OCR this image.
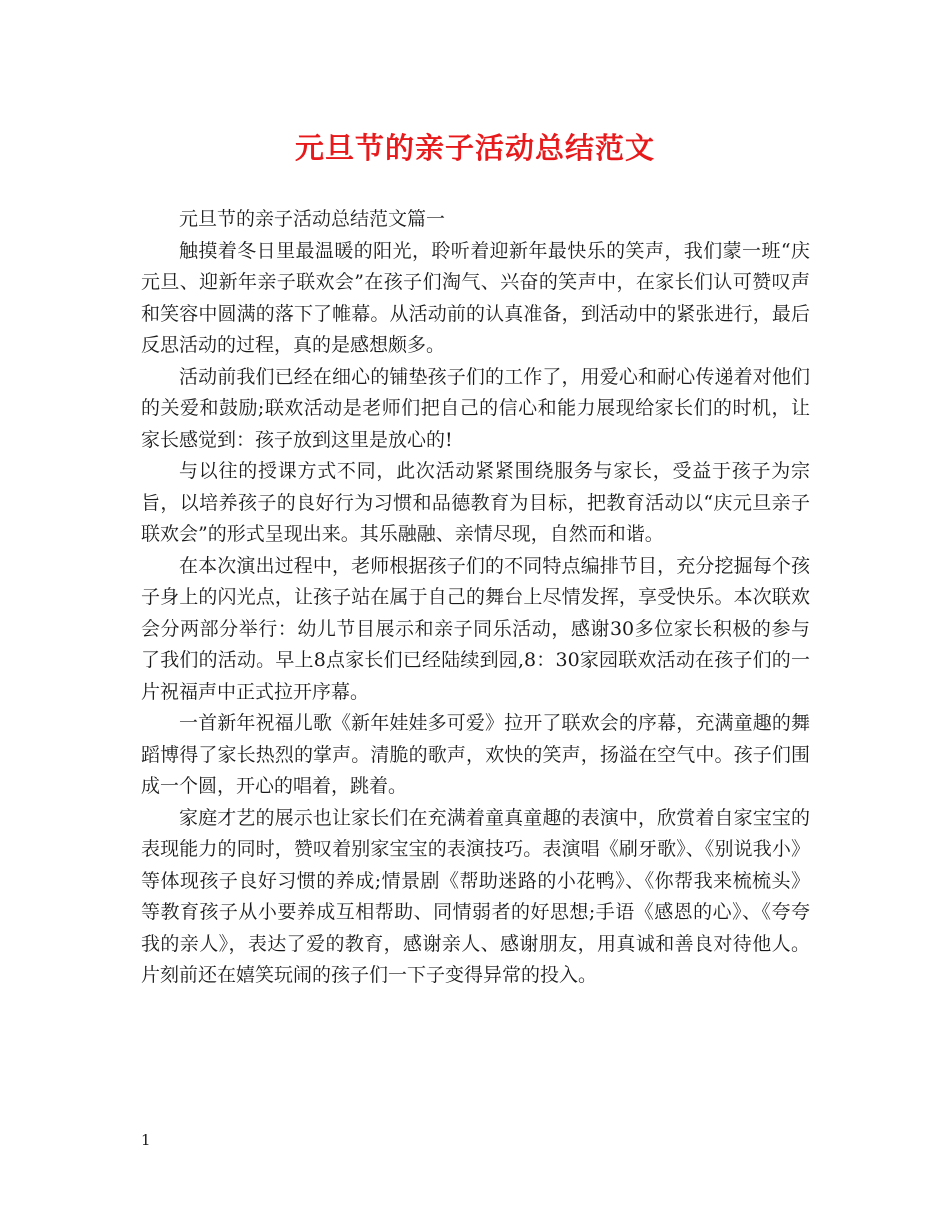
元旦节的亲子活动总结范文

元旦节的亲子活动总结范文篇一

触摸着冬日里最温暖的阳光，聆听着迎新年最快乐的笑声，我们蒙一班“庆元旦、迎新年亲子联欢会”在孩子们淘气、兴奋的笑声中，在家长们认可赞叹声和笑容中圆满的落下了帷幕。从活动前的认真准备，到活动中的紧张进行，最后反思活动的过程，真的是感想颇多。

活动前我们已经在细心的铺垫孩子们的工作了，用爱心和耐心传递着对他们的关爱和鼓励;联欢活动是老师们把自己的信心和能力展现给家长们的时机，让家长感觉到：孩子放到这里是放心的!

与以往的授课方式不同，此次活动紧紧围绕服务与家长，受益于孩子为宗旨，以培养孩子的良好行为习惯和品德教育为目标，把教育活动以“庆元旦亲子联欢会”的形式呈现出来。其乐融融、亲情尽现，自然而和谐。

在本次演出过程中，老师根据孩子们的不同特点编排节目，充分挖掘每个孩子身上的闪光点，让孩子站在属于自己的舞台上尽情发挥，享受快乐。本次联欢会分两部分举行：幼儿节目展示和亲子同乐活动，感谢30多位家长积极的参与了我们的活动。早上8点家长们已经陆续到园,8：30家园联欢活动在孩子们的一片祝福声中正式拉开序幕。

一首新年祝福儿歌《新年娃娃多可爱》拉开了联欢会的序幕，充满童趣的舞蹈博得了家长热烈的掌声。清脆的歌声，欢快的笑声，扬溢在空气中。孩子们围成一个圆，开心的唱着，跳着。

家庭才艺的展示也让家长们在充满着童真童趣的表演中，欣赏着自家宝宝的表现能力的同时，赞叹着别家宝宝的表演技巧。表演唱《刷牙歌》、《别说我小》等体现孩子良好习惯的养成;情景剧《帮助迷路的小花鸭》、《你帮我来梳梳头》等教育孩子从小要养成互相帮助、同情弱者的好思想;手语《感恩的心》、《夸夸我的亲人》，表达了爱的教育，感谢亲人、感谢朋友，用真诚和善良对待他人。片刻前还在嬉笑玩闹的孩子们一下子变得异常的投入。

1
